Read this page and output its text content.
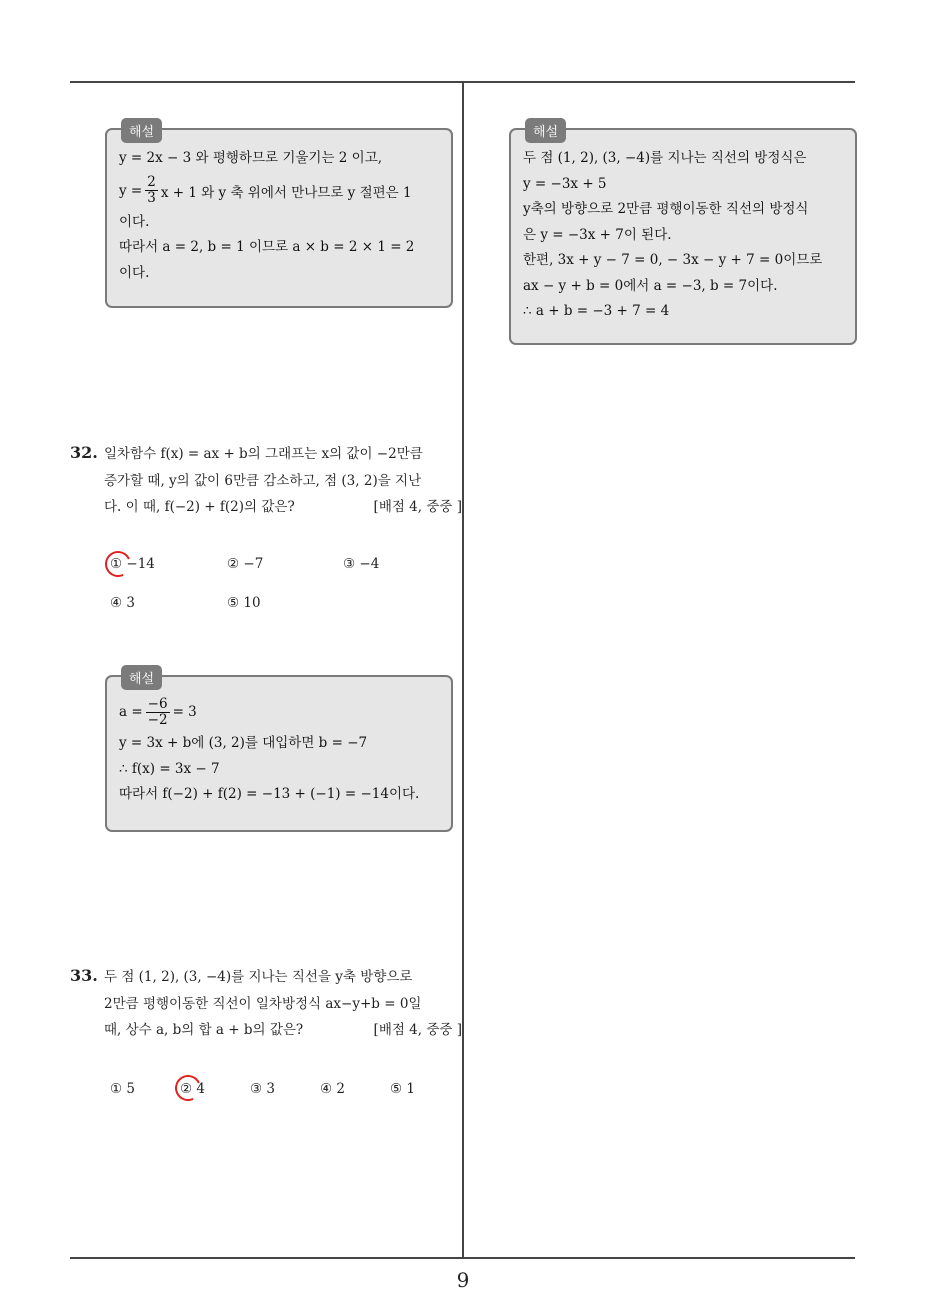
해설
y = 2x − 3 와 평행하므로 기울기는 2 이고,
$y = \frac{2}{3}$ x + 1 와 y 축 위에서 만나므로 y 절편은 1
이다.
따라서 a = 2, b = 1 이므로 a × b = 2 × 1 = 2
이다.
해설
두 점 (1, 2), (3, −4)를 지나는 직선의 방정식은
y = −3x + 5
y축의 방향으로 2만큼 평행이동한 직선의 방정식
은 y = −3x + 7이 된다.
한편, 3x + y − 7 = 0, − 3x − y + 7 = 0이므로
ax − y + b = 0에서 a = −3, b = 7이다.
∴ a + b = −3 + 7 = 4
32. 일차함수 f(x) = ax + b의 그래프는 x의 값이 −2만큼
증가할 때, y의 값이 6만큼 감소하고, 점 (3, 2)을 지난
다. 이 때, f(−2) + f(2)의 값은?	[배점 4, 중중 ]
① −14	② −7	③ −4
④ 3	⑤ 10
해설
$a = \frac{-6}{-2} = 3$
y = 3x + b에 (3, 2)를 대입하면 b = −7
∴ f(x) = 3x − 7
따라서 f(−2) + f(2) = −13 + (−1) = −14이다.
33. 두 점 (1, 2), (3, −4)를 지나는 직선을 y축 방향으로
2만큼 평행이동한 직선이 일차방정식 ax−y+b = 0일
때, 상수 a, b의 합 a + b의 값은?	[배점 4, 중중 ]
① 5	② 4	③ 3	④ 2	⑤ 1
9
